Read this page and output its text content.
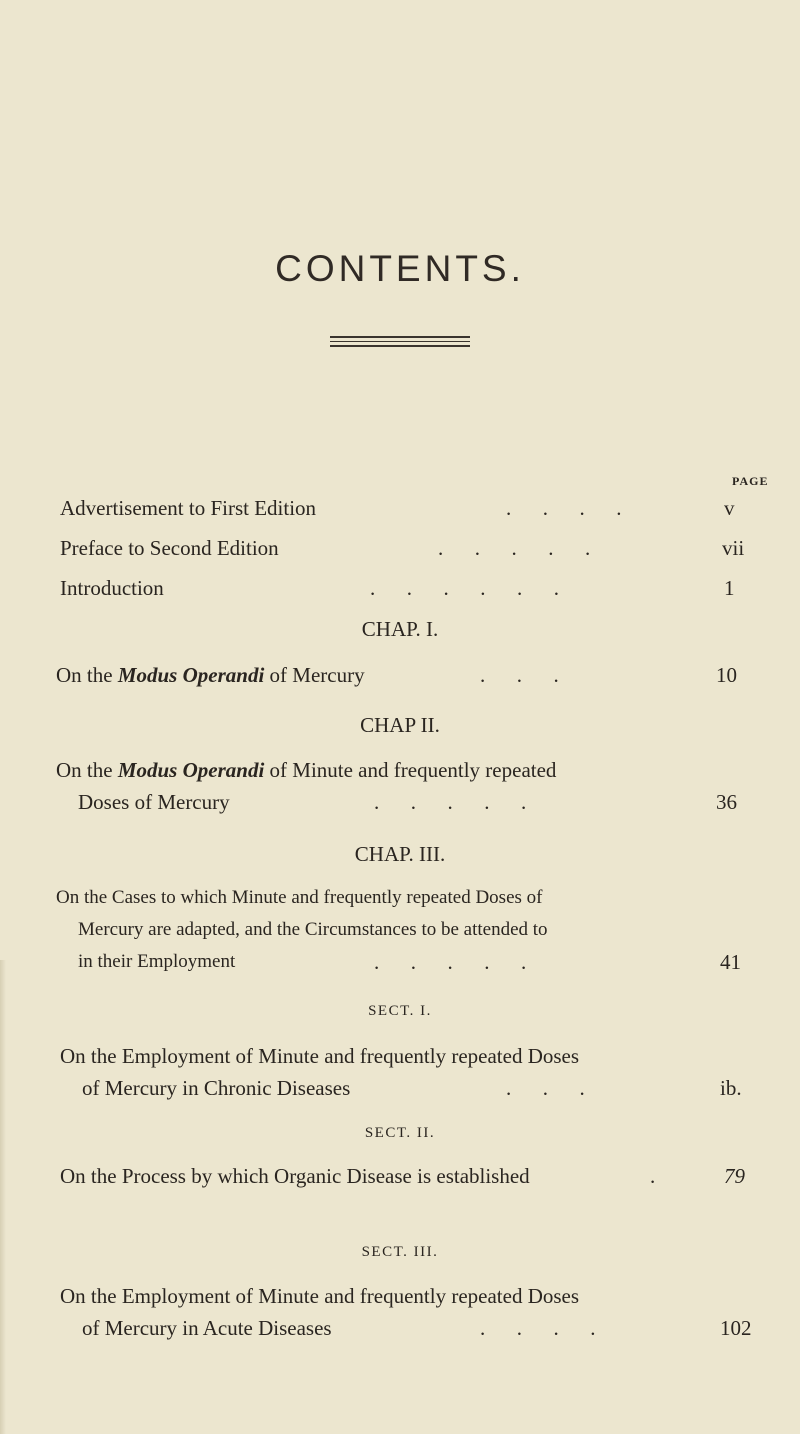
CONTENTS.
PAGE
Advertisement to First Edition	.      .      .      .	v
Preface to Second Edition	.      .      .      .      .	vii
Introduction	.      .      .      .      .      .	1
CHAP. I.
On the Modus Operandi of Mercury	.      .      .	10
CHAP II.
On the Modus Operandi of Minute and frequently repeated
Doses of Mercury	.      .      .      .      .	36
CHAP. III.
On the Cases to which Minute and frequently repeated Doses of
Mercury are adapted, and the Circumstances to be attended to
in their Employment	.      .      .      .      .	41
SECT. I.
On the Employment of Minute and frequently repeated Doses
of Mercury in Chronic Diseases	.      .      .	ib.
SECT. II.
On the Process by which Organic Disease is established	.	79
SECT. III.
On the Employment of Minute and frequently repeated Doses
of Mercury in Acute Diseases	.      .      .      .	102
